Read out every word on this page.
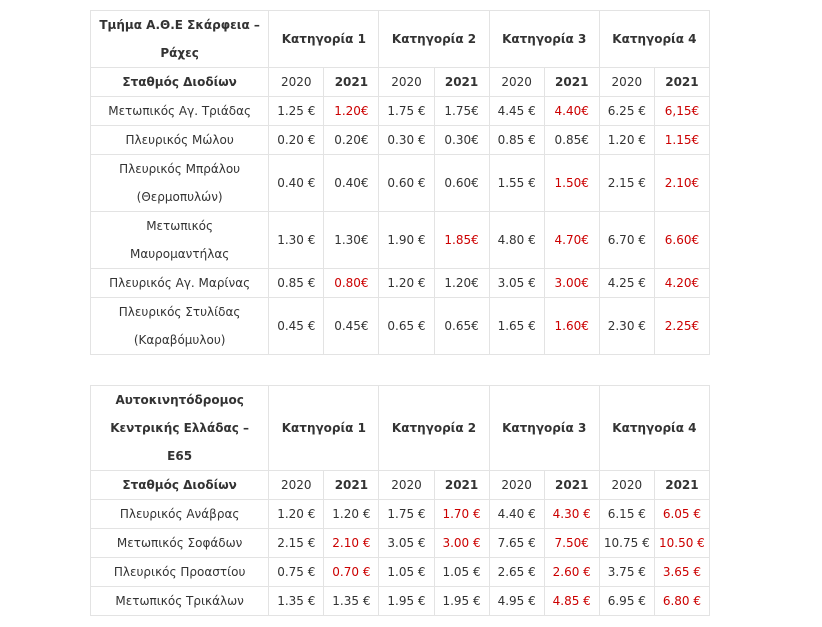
Τμήμα Α.Θ.Ε Σκάρφεια – Ράχες	Κατηγορία 1		Κατηγορία 2		Κατηγορία 3		Κατηγορία 4	
Σταθμός Διοδίων	2020	2021	2020	2021	2020	2021	2020	2021
Μετωπικός Αγ. Τριάδας	1.25 €	1.20€	1.75 €	1.75€	4.45 €	4.40€	6.25 €	6,15€
Πλευρικός Μώλου	0.20 €	0.20€	0.30 €	0.30€	0.85 €	0.85€	1.20 €	1.15€
Πλευρικός Μπράλου (Θερμοπυλών)	0.40 €	0.40€	0.60 €	0.60€	1.55 €	1.50€	2.15 €	2.10€
Μετωπικός Μαυρομαντήλας	1.30 €	1.30€	1.90 €	1.85€	4.80 €	4.70€	6.70 €	6.60€
Πλευρικός Αγ. Μαρίνας	0.85 €	0.80€	1.20 €	1.20€	3.05 €	3.00€	4.25 €	4.20€
Πλευρικός Στυλίδας (Καραβόμυλου)	0.45 €	0.45€	0.65 €	0.65€	1.65 €	1.60€	2.30 €	2.25€
Αυτοκινητόδρομος Κεντρικής Ελλάδας – Ε65	Κατηγορία 1		Κατηγορία 2		Κατηγορία 3		Κατηγορία 4	
Σταθμός Διοδίων	2020	2021	2020	2021	2020	2021	2020	2021
Πλευρικός Ανάβρας	1.20 €	1.20 €	1.75 €	1.70 €	4.40 €	4.30 €	6.15 €	6.05 €
Μετωπικός Σοφάδων	2.15 €	2.10 €	3.05 €	3.00 €	7.65 €	7.50€	10.75 €	10.50 €
Πλευρικός Προαστίου	0.75 €	0.70 €	1.05 €	1.05 €	2.65 €	2.60 €	3.75 €	3.65 €
Μετωπικός Τρικάλων	1.35 €	1.35 €	1.95 €	1.95 €	4.95 €	4.85 €	6.95 €	6.80 €
